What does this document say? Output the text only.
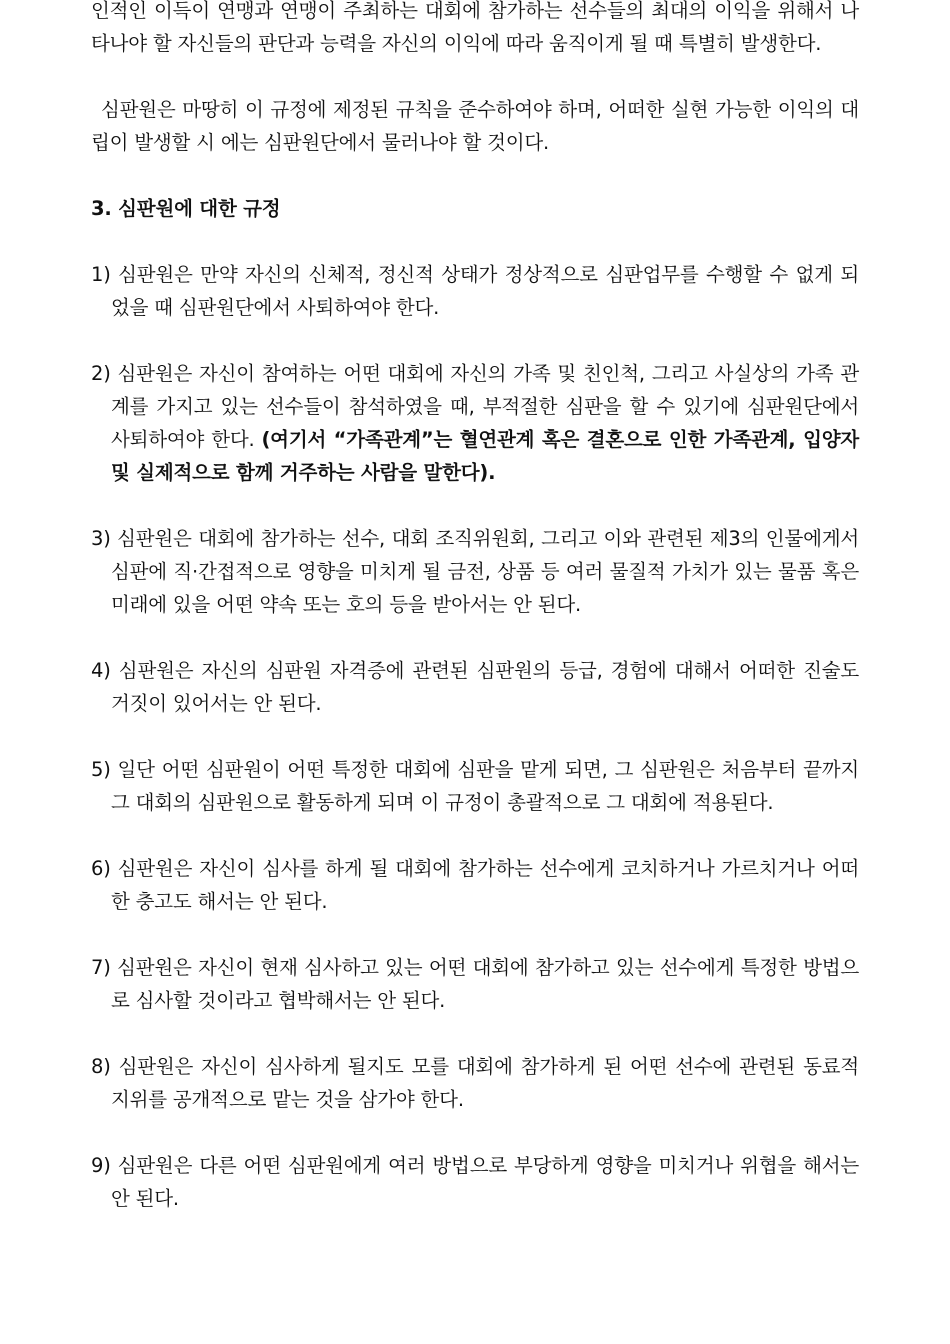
인적인 이득이 연맹과 연맹이 주최하는 대회에 참가하는 선수들의 최대의 이익을 위해서 나타나야 할 자신들의 판단과 능력을 자신의 이익에 따라 움직이게 될 때 특별히 발생한다.

심판원은 마땅히 이 규정에 제정된 규칙을 준수하여야 하며, 어떠한 실현 가능한 이익의 대립이 발생할 시 에는 심판원단에서 물러나야 할 것이다.

3. 심판원에 대한 규정

1) 심판원은 만약 자신의 신체적, 정신적 상태가 정상적으로 심판업무를 수행할 수 없게 되었을 때 심판원단에서 사퇴하여야 한다.

2) 심판원은 자신이 참여하는 어떤 대회에 자신의 가족 및 친인척, 그리고 사실상의 가족 관계를 가지고 있는 선수들이 참석하였을 때, 부적절한 심판을 할 수 있기에 심판원단에서 사퇴하여야 한다. (여기서 “가족관계”는 혈연관계 혹은 결혼으로 인한 가족관계, 입양자 및 실제적으로 함께 거주하는 사람을 말한다).

3) 심판원은 대회에 참가하는 선수, 대회 조직위원회, 그리고 이와 관련된 제3의 인물에게서 심판에 직·간접적으로 영향을 미치게 될 금전, 상품 등 여러 물질적 가치가 있는 물품 혹은 미래에 있을 어떤 약속 또는 호의 등을 받아서는 안 된다.

4) 심판원은 자신의 심판원 자격증에 관련된 심판원의 등급, 경험에 대해서 어떠한 진술도 거짓이 있어서는 안 된다.

5) 일단 어떤 심판원이 어떤 특정한 대회에 심판을 맡게 되면, 그 심판원은 처음부터 끝까지 그 대회의 심판원으로 활동하게 되며 이 규정이 총괄적으로 그 대회에 적용된다.

6) 심판원은 자신이 심사를 하게 될 대회에 참가하는 선수에게 코치하거나 가르치거나 어떠한 충고도 해서는 안 된다.

7) 심판원은 자신이 현재 심사하고 있는 어떤 대회에 참가하고 있는 선수에게 특정한 방법으로 심사할 것이라고 협박해서는 안 된다.

8) 심판원은 자신이 심사하게 될지도 모를 대회에 참가하게 된 어떤 선수에 관련된 동료적 지위를 공개적으로 맡는 것을 삼가야 한다.

9) 심판원은 다른 어떤 심판원에게 여러 방법으로 부당하게 영향을 미치거나 위협을 해서는 안 된다.
